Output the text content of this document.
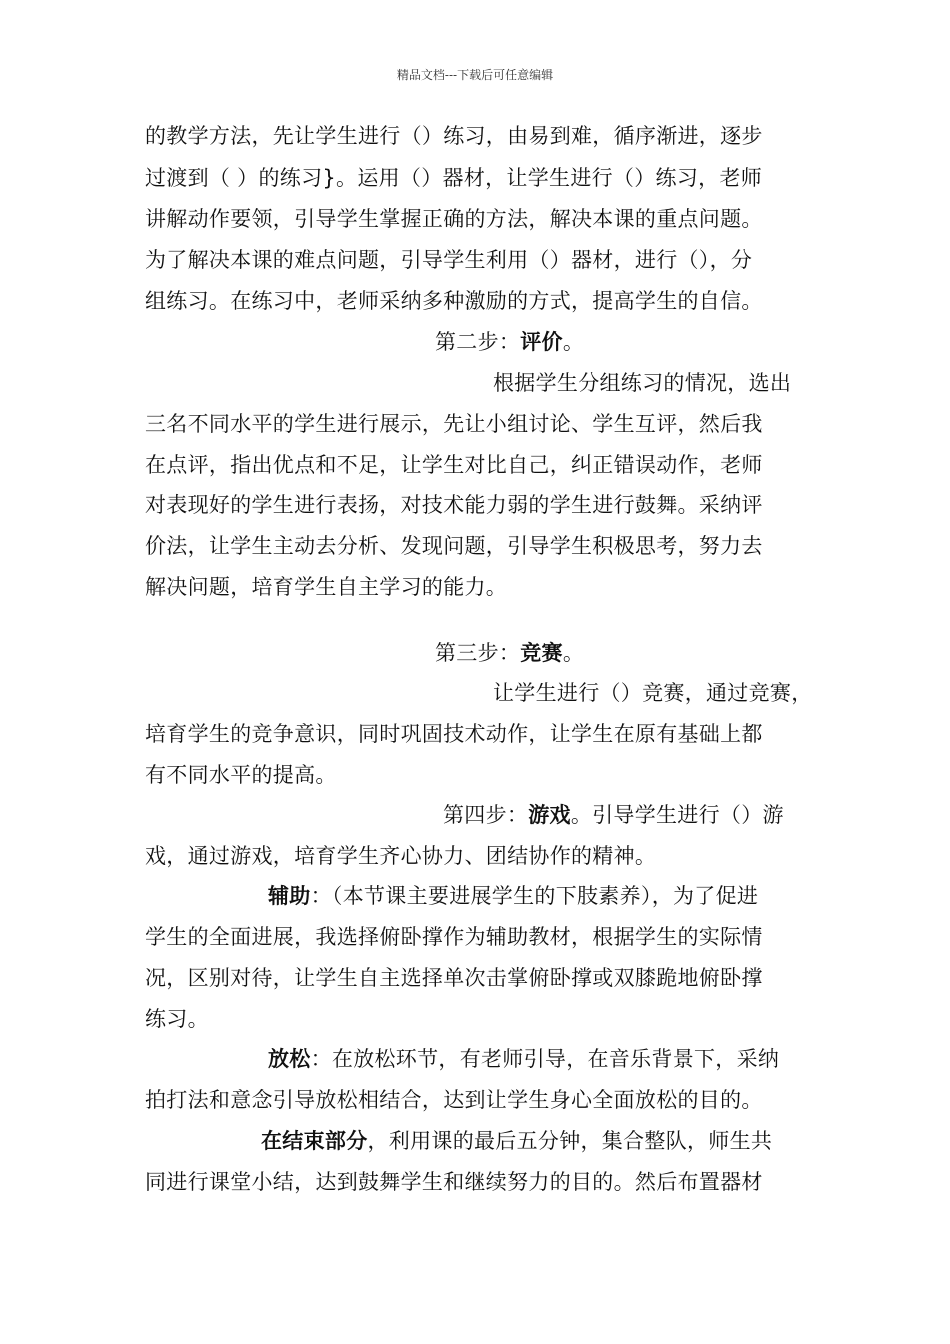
精品文档---下载后可任意编辑
的教学方法，先让学生进行（）练习，由易到难，循序渐进，逐步
过渡到（ ）的练习}。运用（）器材，让学生进行（）练习，老师
讲解动作要领，引导学生掌握正确的方法，解决本课的重点问题。
为了解决本课的难点问题，引导学生利用（）器材，进行（），分
组练习。在练习中，老师采纳多种激励的方式，提高学生的自信。
第二步：评价。
根据学生分组练习的情况，选出
三名不同水平的学生进行展示，先让小组讨论、学生互评，然后我
在点评，指出优点和不足，让学生对比自己，纠正错误动作，老师
对表现好的学生进行表扬，对技术能力弱的学生进行鼓舞。采纳评
价法，让学生主动去分析、发现问题，引导学生积极思考，努力去
解决问题，培育学生自主学习的能力。
第三步：竞赛。
让学生进行（）竞赛，通过竞赛，
培育学生的竞争意识，同时巩固技术动作，让学生在原有基础上都
有不同水平的提高。
第四步：游戏。引导学生进行（）游
戏，通过游戏，培育学生齐心协力、团结协作的精神。
辅助：（本节课主要进展学生的下肢素养），为了促进
学生的全面进展，我选择俯卧撑作为辅助教材，根据学生的实际情
况，区别对待，让学生自主选择单次击掌俯卧撑或双膝跪地俯卧撑
练习。
放松：在放松环节，有老师引导，在音乐背景下，采纳
拍打法和意念引导放松相结合，达到让学生身心全面放松的目的。
在结束部分，利用课的最后五分钟，集合整队，师生共
同进行课堂小结，达到鼓舞学生和继续努力的目的。然后布置器材
